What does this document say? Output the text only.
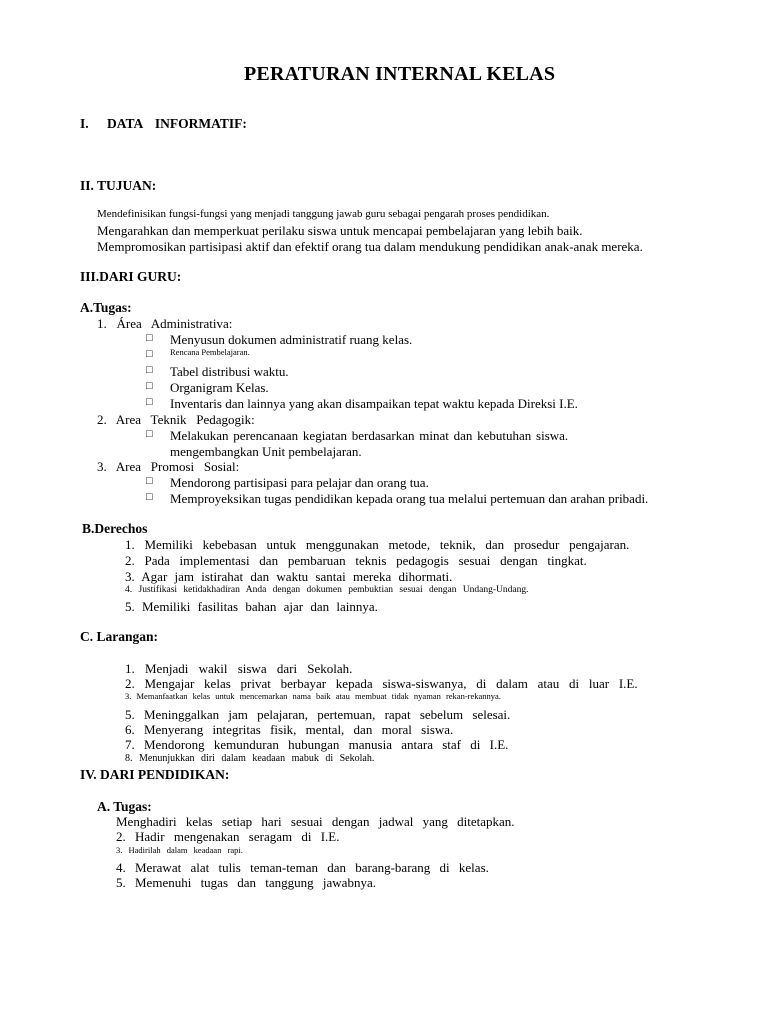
PERATURAN INTERNAL KELAS
I. DATA INFORMATIF:
II. TUJUAN:
Mendefinisikan fungsi-fungsi yang menjadi tanggung jawab guru sebagai pengarah proses pendidikan.
Mengarahkan dan memperkuat perilaku siswa untuk mencapai pembelajaran yang lebih baik.
Mempromosikan partisipasi aktif dan efektif orang tua dalam mendukung pendidikan anak-anak mereka.
III.DARI GURU:
A.Tugas:
1.   Área   Administrativa:
□ Menyusun dokumen administratif ruang kelas.
□ Rencana Pembelajaran.
□ Tabel distribusi waktu.
□ Organigram Kelas.
□ Inventaris dan lainnya yang akan disampaikan tepat waktu kepada Direksi I.E.
2.   Area   Teknik   Pedagogik:
□ Melakukan perencanaan kegiatan berdasarkan minat dan kebutuhan siswa.
mengembangkan Unit pembelajaran.
3.   Area   Promosi   Sosial:
□ Mendorong partisipasi para pelajar dan orang tua.
□ Memproyeksikan tugas pendidikan kepada orang tua melalui pertemuan dan arahan pribadi.
B.Derechos
1. Memiliki kebebasan untuk menggunakan metode, teknik, dan prosedur pengajaran.
2. Pada implementasi dan pembaruan teknis pedagogis sesuai dengan tingkat.
3. Agar jam istirahat dan waktu santai mereka dihormati.
4. Justifikasi ketidakhadiran Anda dengan dokumen pembuktian sesuai dengan Undang-Undang.
5. Memiliki fasilitas bahan ajar dan lainnya.
C. Larangan:
1. Menjadi wakil siswa dari Sekolah.
2. Mengajar kelas privat berbayar kepada siswa-siswanya, di dalam atau di luar I.E.
3. Memanfaatkan kelas untuk mencemarkan nama baik atau membuat tidak nyaman rekan-rekannya.
5. Meninggalkan jam pelajaran, pertemuan, rapat sebelum selesai.
6. Menyerang integritas fisik, mental, dan moral siswa.
7. Mendorong kemunduran hubungan manusia antara staf di I.E.
8. Menunjukkan diri dalam keadaan mabuk di Sekolah.
IV. DARI PENDIDIKAN:
A. Tugas:
Menghadiri kelas setiap hari sesuai dengan jadwal yang ditetapkan.
2. Hadir mengenakan seragam di I.E.
3. Hadirilah dalam keadaan rapi.
4. Merawat alat tulis teman-teman dan barang-barang di kelas.
5. Memenuhi tugas dan tanggung jawabnya.
